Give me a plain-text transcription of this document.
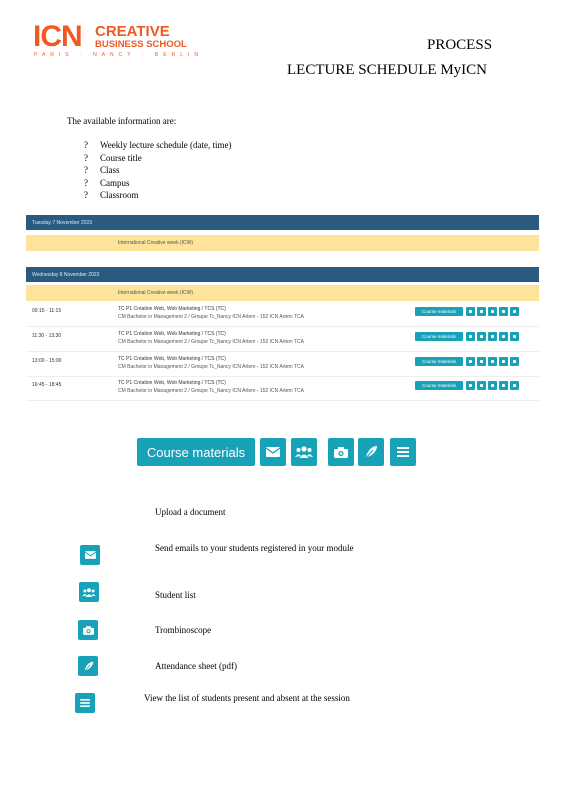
ICN CREATIVE
BUSINESS SCHOOL
PARIS · NANCY · BERLIN
PROCESS
LECTURE SCHEDULE MyICN
The available information are:
?	Weekly lecture schedule (date, time)
?	Course title
?	Class
?	Campus
?	Classroom
Tuesday 7 November 2023
International Creative week (ICW)
Wednesday 8 November 2023
International Creative week (ICW)
09:15 - 11:15	TC P1 Création Web, Web Marketing / TCS (TC)
CM Bachelor in Management 2 / Groupe Tc_Nancy ICN Artem - 152 ICN Artem TCA
Course materials
11:30 - 13:30	TC P1 Création Web, Web Marketing / TCS (TC)
CM Bachelor in Management 2 / Groupe Tc_Nancy ICN Artem - 152 ICN Artem TCA
Course materials
13:00 - 15:00	TC P1 Création Web, Web Marketing / TCS (TC)
CM Bachelor in Management 2 / Groupe Tc_Nancy ICN Artem - 152 ICN Artem TCA
Course materials
16:45 - 18:45	TC P1 Création Web, Web Marketing / TCS (TC)
CM Bachelor in Management 2 / Groupe Tc_Nancy ICN Artem - 152 ICN Artem TCA
Course materials
Course materials
Upload a document
Send emails to your students registered in your module
Student list
Trombinoscope
Attendance sheet (pdf)
View the list of students present and absent at the session
